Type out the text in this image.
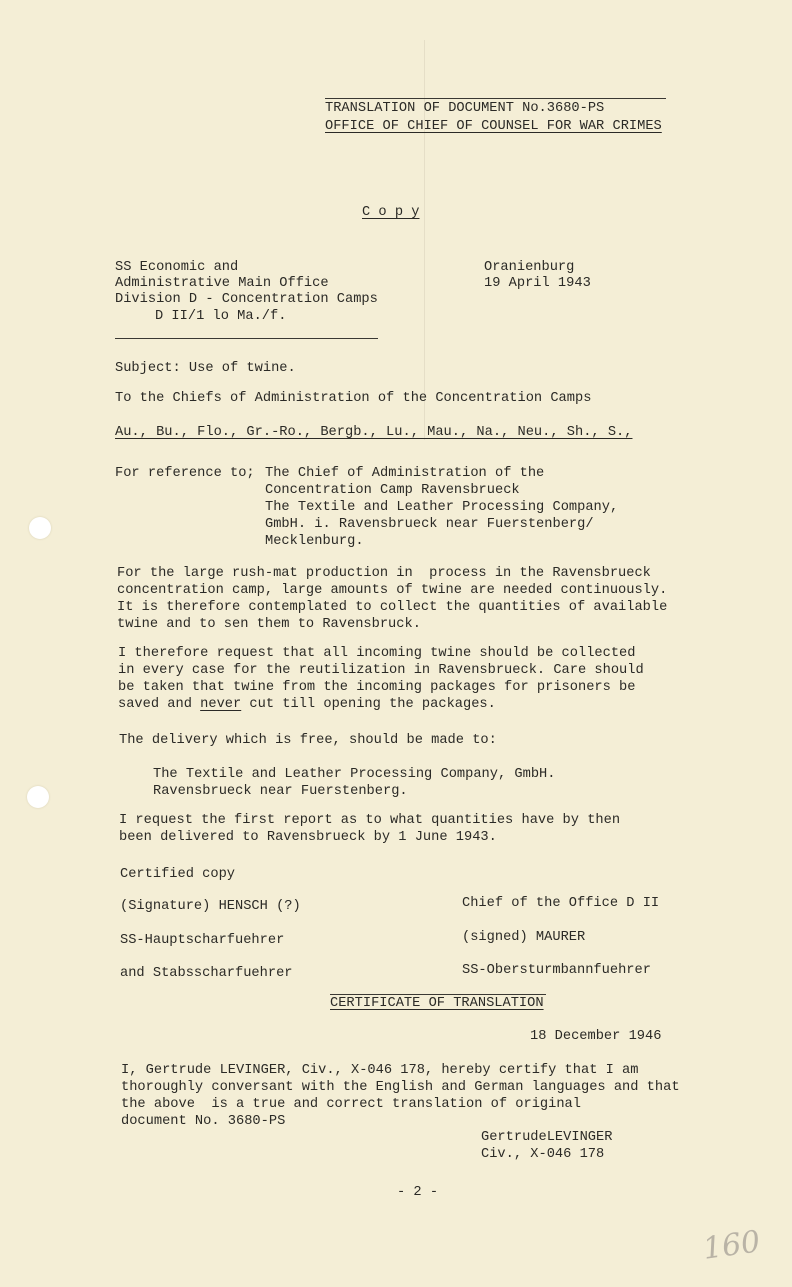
TRANSLATION OF DOCUMENT No.3680-PS
OFFICE OF CHIEF OF COUNSEL FOR WAR CRIMES
C o p y
SS Economic and
Administrative Main Office
Division D - Concentration Camps
D II/1 lo Ma./f.
Oranienburg
19 April 1943
Subject: Use of twine.
To the Chiefs of Administration of the Concentration Camps
Au., Bu., Flo., Gr.-Ro., Bergb., Lu., Mau., Na., Neu., Sh., S.,
For reference to; The Chief of Administration of the
Concentration Camp Ravensbrueck
The Textile and Leather Processing Company,
GmbH. i. Ravensbrueck near Fuerstenberg/
Mecklenburg.
For the large rush-mat production in  process in the Ravensbrueck
concentration camp, large amounts of twine are needed continuously.
It is therefore contemplated to collect the quantities of available
twine and to sen them to Ravensbruck.
I therefore request that all incoming twine should be collected
in every case for the reutilization in Ravensbrueck. Care should
be taken that twine from the incoming packages for prisoners be
saved and never cut till opening the packages.
The delivery which is free, should be made to:
The Textile and Leather Processing Company, GmbH.
Ravensbrueck near Fuerstenberg.
I request the first report as to what quantities have by then
been delivered to Ravensbrueck by 1 June 1943.
Certified copy
(Signature) HENSCH (?)
SS-Hauptscharfuehrer
and Stabsscharfuehrer
Chief of the Office D II
(signed) MAURER
SS-Obersturmbannfuehrer
CERTIFICATE OF TRANSLATION
18 December 1946
I, Gertrude LEVINGER, Civ., X-046 178, hereby certify that I am
thoroughly conversant with the English and German languages and that
the above  is a true and correct translation of original
document No. 3680-PS
GertrudeLEVINGER
Civ., X-046 178
- 2 -
160
